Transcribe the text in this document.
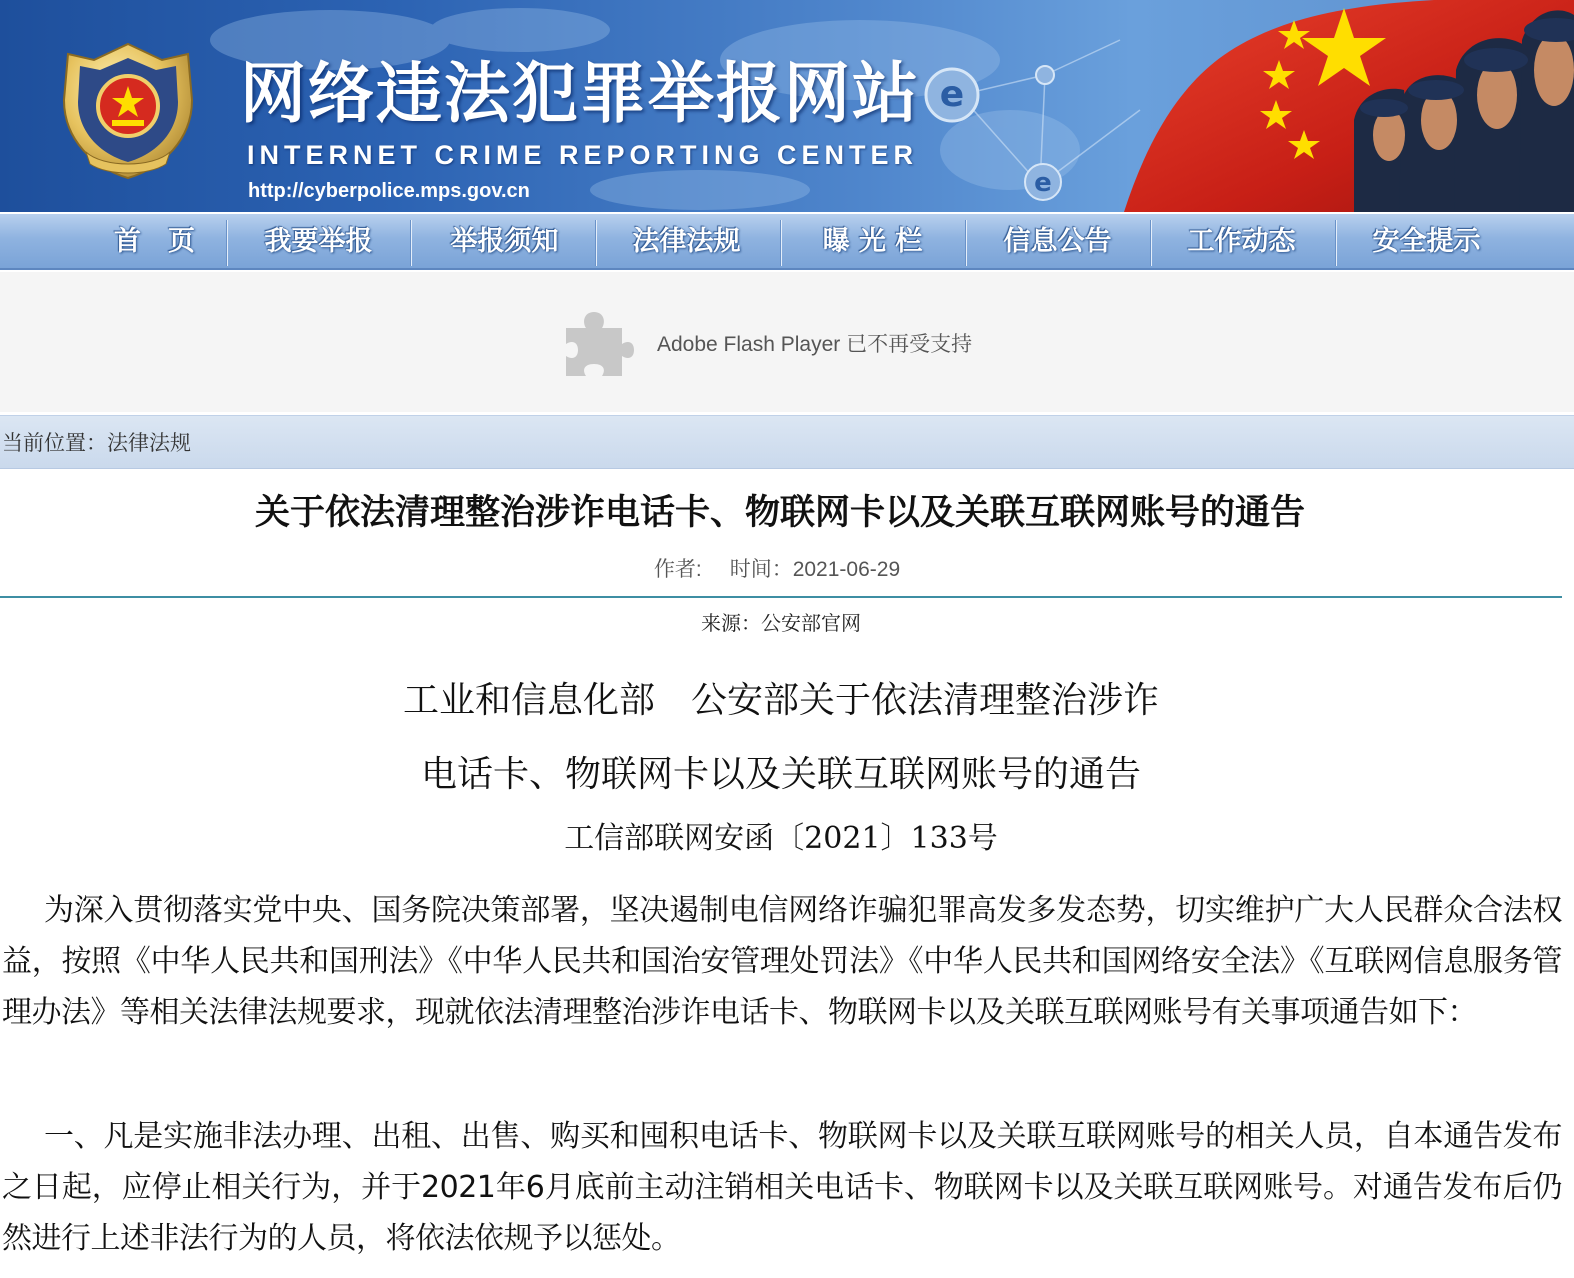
e
e
网络违法犯罪举报网站
INTERNET CRIME REPORTING CENTER
http://cyberpolice.mps.gov.cn
首　页	我要举报	举报须知	法律法规	曝 光 栏	信息公告	工作动态	安全提示
Adobe Flash Player 已不再受支持
当前位置：法律法规
关于依法清理整治涉诈电话卡、物联网卡以及关联互联网账号的通告
作者: 时间：2021-06-29
来源：公安部官网
工业和信息化部　公安部关于依法清理整治涉诈
电话卡、物联网卡以及关联互联网账号的通告
工信部联网安函〔2021〕133号
为深入贯彻落实党中央、国务院决策部署，坚决遏制电信网络诈骗犯罪高发多发态势，切实维护广大人民群众合法权益，按照《中华人民共和国刑法》《中华人民共和国治安管理处罚法》《中华人民共和国网络安全法》《互联网信息服务管理办法》等相关法律法规要求，现就依法清理整治涉诈电话卡、物联网卡以及关联互联网账号有关事项通告如下：
一、凡是实施非法办理、出租、出售、购买和囤积电话卡、物联网卡以及关联互联网账号的相关人员，自本通告发布之日起，应停止相关行为，并于2021年6月底前主动注销相关电话卡、物联网卡以及关联互联网账号。对通告发布后仍然进行上述非法行为的人员，将依法依规予以惩处。
